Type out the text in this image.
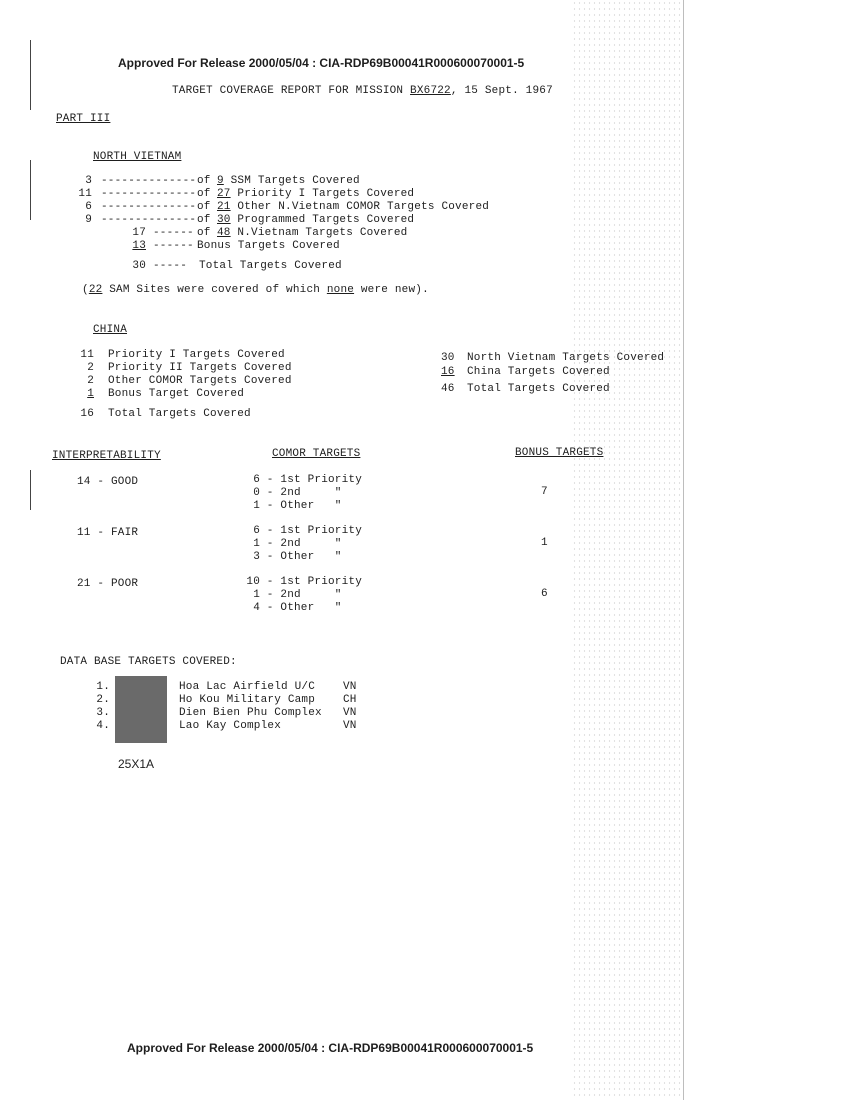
Approved For Release 2000/05/04 : CIA-RDP69B00041R000600070001-5
TARGET COVERAGE REPORT FOR MISSION BX6722, 15 Sept. 1967
PART III
NORTH VIETNAM
3 -------------- of 9 SSM Targets Covered
11 -------------- of 27 Priority I Targets Covered
6 -------------- of 21 Other N.Vietnam COMOR Targets Covered
9 -------------- of 30 Programmed Targets Covered
17 ------ of 48 N.Vietnam Targets Covered
13 ------ Bonus Targets Covered
30 ----- Total Targets Covered
(22 SAM Sites were covered of which none were new).
CHINA
11 Priority I Targets Covered
2 Priority II Targets Covered
2 Other COMOR Targets Covered
1 Bonus Target Covered
16 Total Targets Covered
30 North Vietnam Targets Covered
16 China Targets Covered
46 Total Targets Covered
INTERPRETABILITY	COMOR TARGETS	BONUS TARGETS
14 - GOOD	6 - 1st Priority
0 - 2nd     "
1 - Other   "
7
11 - FAIR	6 - 1st Priority
1 - 2nd     "
3 - Other   "
1
21 - POOR	10 - 1st Priority
1 - 2nd     "
4 - Other   "
6
DATA BASE TARGETS COVERED:
1.	Hoa Lac Airfield U/C	VN
2.	Ho Kou Military Camp	CH
3.	Dien Bien Phu Complex VN
4.	Lao Kay Complex	VN
25X1A
Approved For Release 2000/05/04 : CIA-RDP69B00041R000600070001-5
